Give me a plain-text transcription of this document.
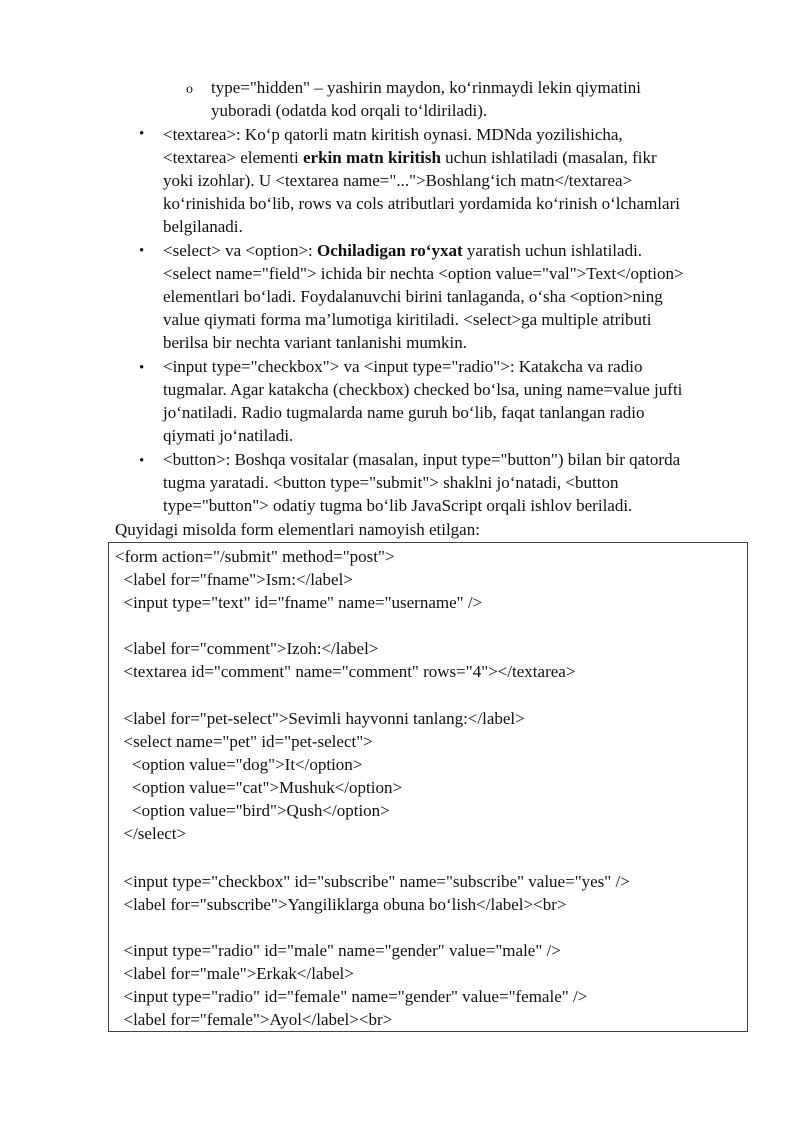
o type="hidden" – yashirin maydon, ko‘rinmaydi lekin qiymatini
yuboradi (odatda kod orqali to‘ldiriladi).
• <textarea>: Ko‘p qatorli matn kiritish oynasi. MDNda yozilishicha,
<textarea> elementi erkin matn kiritish uchun ishlatiladi (masalan, fikr
yoki izohlar). U <textarea name="...">Boshlang‘ich matn</textarea>
ko‘rinishida bo‘lib, rows va cols atributlari yordamida ko‘rinish o‘lchamlari
belgilanadi.
• <select> va <option>: Ochiladigan ro‘yxat yaratish uchun ishlatiladi.
<select name="field"> ichida bir nechta <option value="val">Text</option>
elementlari bo‘ladi. Foydalanuvchi birini tanlaganda, o‘sha <option>ning
value qiymati forma ma’lumotiga kiritiladi. <select>ga multiple atributi
berilsa bir nechta variant tanlanishi mumkin.
• <input type="checkbox"> va <input type="radio">: Katakcha va radio
tugmalar. Agar katakcha (checkbox) checked bo‘lsa, uning name=value jufti
jo‘natiladi. Radio tugmalarda name guruh bo‘lib, faqat tanlangan radio
qiymati jo‘natiladi.
• <button>: Boshqa vositalar (masalan, input type="button") bilan bir qatorda
tugma yaratadi. <button type="submit"> shaklni jo‘natadi, <button
type="button"> odatiy tugma bo‘lib JavaScript orqali ishlov beriladi.
Quyidagi misolda form elementlari namoyish etilgan:
<form action="/submit" method="post">
<label for="fname">Ism:</label>
<input type="text" id="fname" name="username" />
<label for="comment">Izoh:</label>
<textarea id="comment" name="comment" rows="4"></textarea>
<label for="pet-select">Sevimli hayvonni tanlang:</label>
<select name="pet" id="pet-select">
<option value="dog">It</option>
<option value="cat">Mushuk</option>
<option value="bird">Qush</option>
</select>
<input type="checkbox" id="subscribe" name="subscribe" value="yes" />
<label for="subscribe">Yangiliklarga obuna bo‘lish</label><br>
<input type="radio" id="male" name="gender" value="male" />
<label for="male">Erkak</label>
<input type="radio" id="female" name="gender" value="female" />
<label for="female">Ayol</label><br>
